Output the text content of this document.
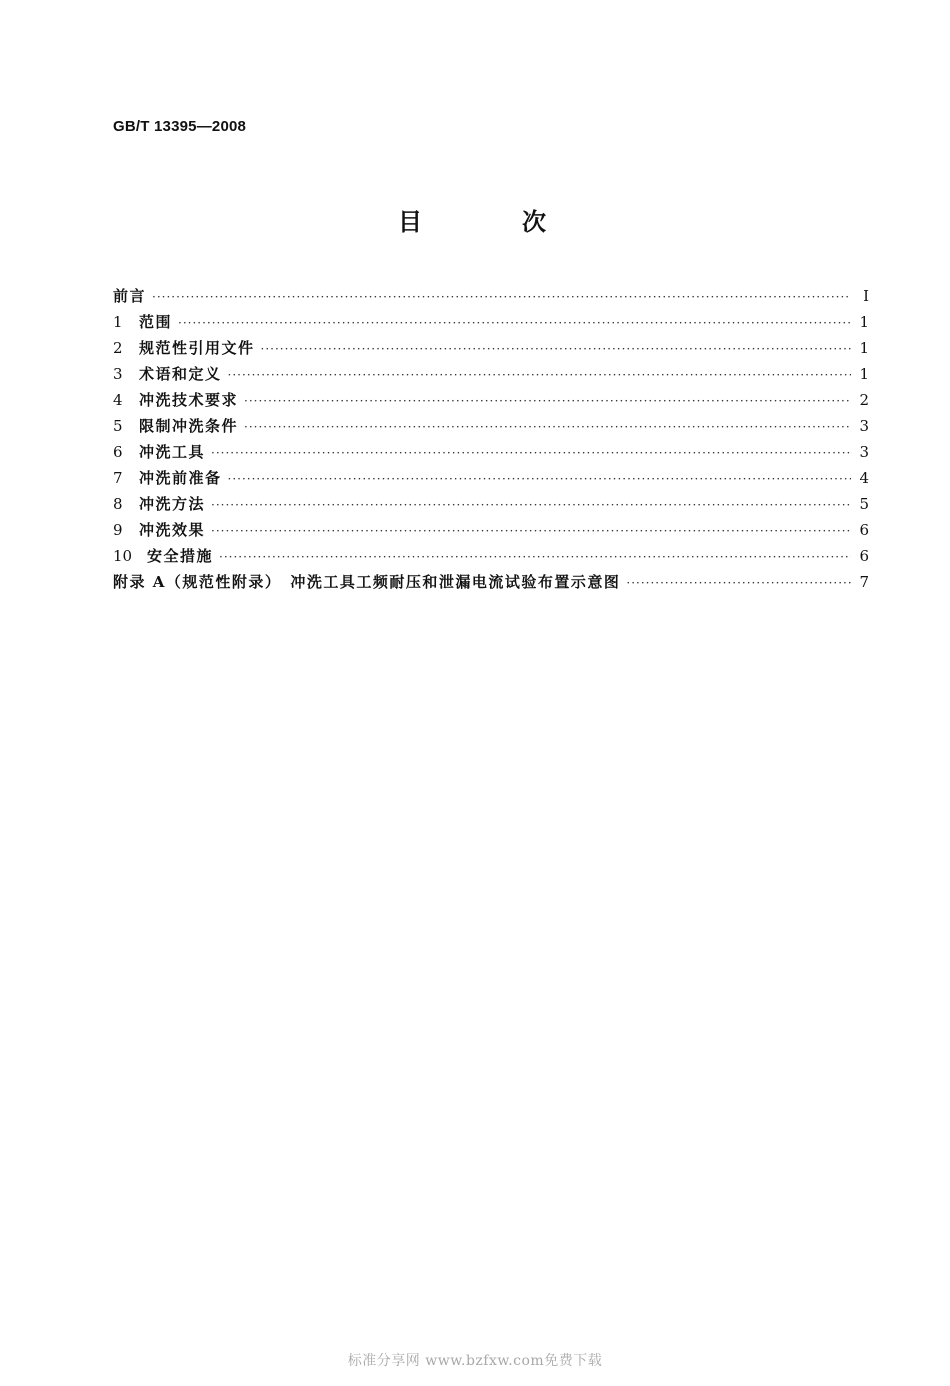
GB/T 13395—2008
目　次
前言 ·····	Ⅰ
1	范围 ·····	1
2	规范性引用文件 ·····	1
3	术语和定义 ·····	1
4	冲洗技术要求 ·····	2
5	限制冲洗条件 ·····	3
6	冲洗工具 ·····	3
7	冲洗前准备 ·····	4
8	冲洗方法 ·····	5
9	冲洗效果 ·····	6
10 安全措施 ·····	6
附录 A（规范性附录）　冲洗工具工频耐压和泄漏电流试验布置示意图 ·····	7
标准分享网 www.bzfxw.com免费下载
